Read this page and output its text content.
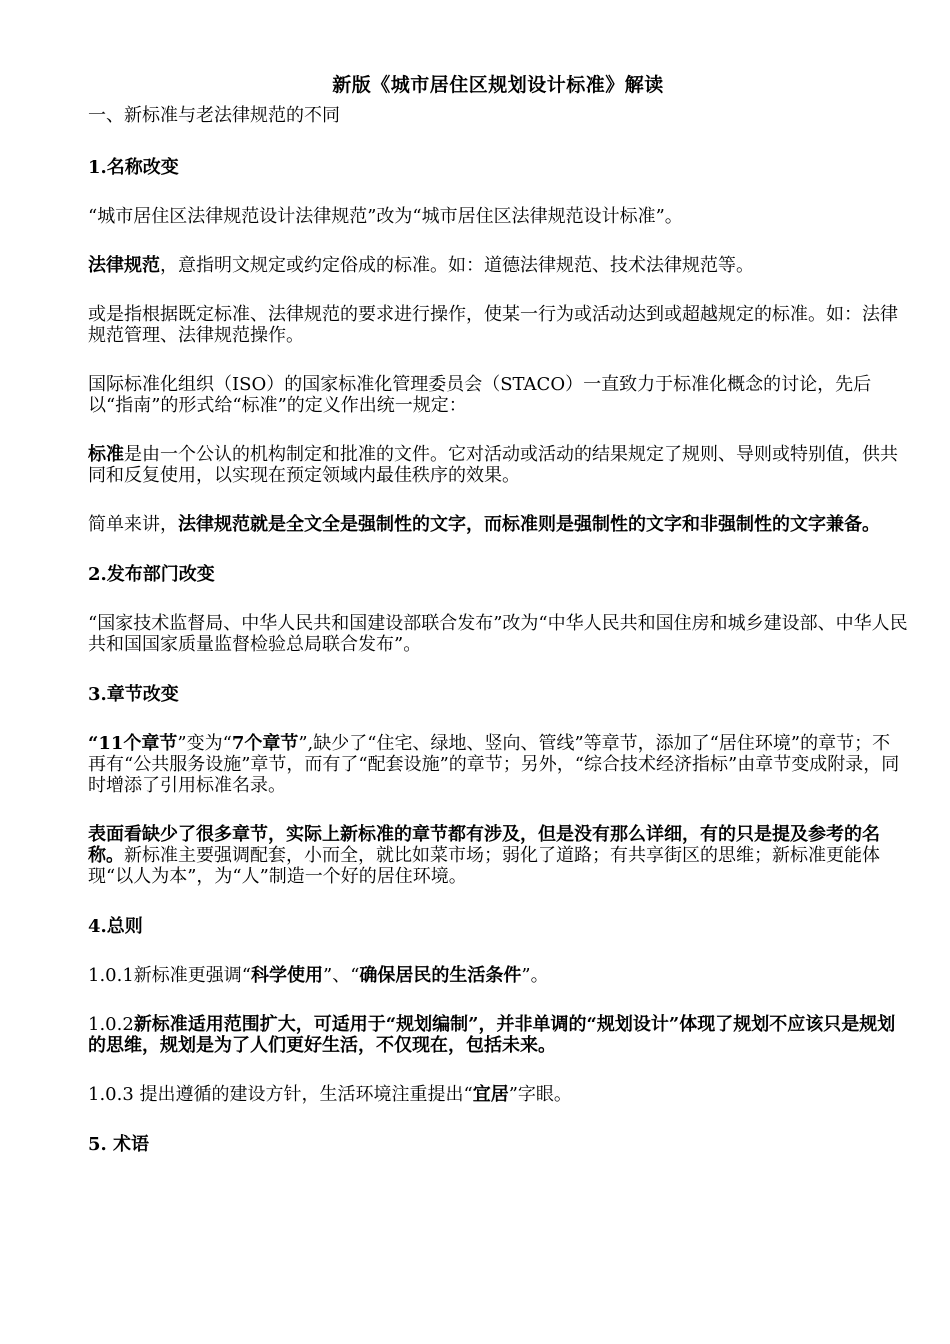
新版《城市居住区规划设计标准》解读
一、新标准与老法律规范的不同
1.名称改变
“城市居住区法律规范设计法律规范”改为“城市居住区法律规范设计标准”。
法律规范，意指明文规定或约定俗成的标准。如：道德法律规范、技术法律规范等。
或是指根据既定标准、法律规范的要求进行操作，使某一行为或活动达到或超越规定的标准。如：法律规范管理、法律规范操作。
国际标准化组织（ISO）的国家标准化管理委员会（STACO）一直致力于标准化概念的讨论，先后以“指南”的形式给“标准”的定义作出统一规定：
标准是由一个公认的机构制定和批准的文件。它对活动或活动的结果规定了规则、导则或特别值，供共同和反复使用，以实现在预定领域内最佳秩序的效果。
简单来讲，法律规范就是全文全是强制性的文字，而标准则是强制性的文字和非强制性的文字兼备。
2.发布部门改变
“国家技术监督局、中华人民共和国建设部联合发布”改为“中华人民共和国住房和城乡建设部、中华人民共和国国家质量监督检验总局联合发布”。
3.章节改变
“11个章节”变为“7个章节”,缺少了“住宅、绿地、竖向、管线”等章节，添加了“居住环境”的章节；不再有“公共服务设施”章节，而有了“配套设施”的章节；另外，“综合技术经济指标”由章节变成附录，同时增添了引用标准名录。
表面看缺少了很多章节，实际上新标准的章节都有涉及，但是没有那么详细，有的只是提及参考的名称。新标准主要强调配套，小而全，就比如菜市场；弱化了道路；有共享街区的思维；新标准更能体现“以人为本”，为“人”制造一个好的居住环境。
4.总则
1.0.1新标准更强调“科学使用”、“确保居民的生活条件”。
1.0.2新标准适用范围扩大，可适用于“规划编制”，并非单调的“规划设计”体现了规划不应该只是规划的思维，规划是为了人们更好生活，不仅现在，包括未来。
1.0.3 提出遵循的建设方针，生活环境注重提出“宜居”字眼。
5. 术语
